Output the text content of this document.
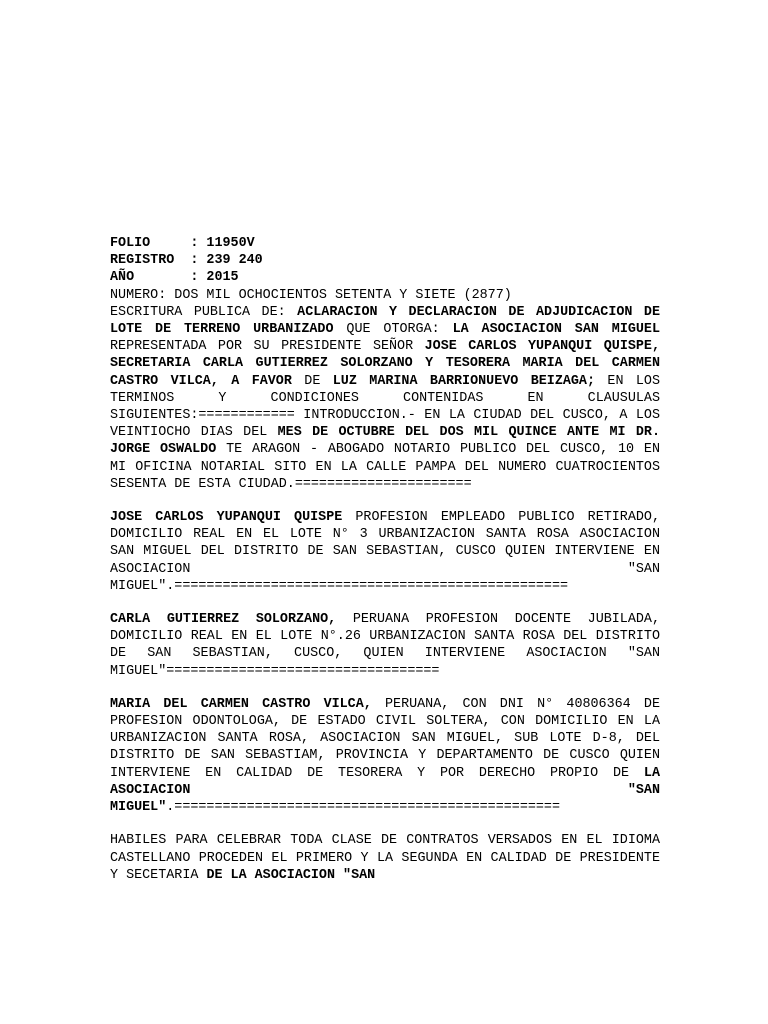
FOLIO     : 11950V
REGISTRO  : 239 240
AÑO       : 2015
NUMERO: DOS MIL OCHOCIENTOS SETENTA Y SIETE (2877)
ESCRITURA PUBLICA DE: ACLARACION Y DECLARACION DE ADJUDICACION DE LOTE DE TERRENO URBANIZADO QUE OTORGA: LA ASOCIACION SAN MIGUEL REPRESENTADA POR SU PRESIDENTE SEÑOR JOSE CARLOS YUPANQUI QUISPE, SECRETARIA CARLA GUTIERREZ SOLORZANO Y TESORERA MARIA DEL CARMEN CASTRO VILCA, A FAVOR DE LUZ MARINA BARRIONUEVO BEIZAGA; EN LOS TERMINOS Y CONDICIONES CONTENIDAS EN CLAUSULAS SIGUIENTES:============ INTRODUCCION.- EN LA CIUDAD DEL CUSCO, A LOS VEINTIOCHO DIAS DEL MES DE OCTUBRE DEL DOS MIL QUINCE ANTE MI DR. JORGE OSWALDO TE ARAGON - ABOGADO NOTARIO PUBLICO DEL CUSCO, 10 EN MI OFICINA NOTARIAL SITO EN LA CALLE PAMPA DEL NUMERO CUATROCIENTOS SESENTA DE ESTA CIUDAD.======================
JOSE CARLOS YUPANQUI QUISPE PROFESION EMPLEADO PUBLICO RETIRADO, DOMICILIO REAL EN EL LOTE N° 3 URBANIZACION SANTA ROSA ASOCIACION SAN MIGUEL DEL DISTRITO DE SAN SEBASTIAN, CUSCO QUIEN INTERVIENE EN ASOCIACION "SAN MIGUEL".=================================================
CARLA GUTIERREZ SOLORZANO, PERUANA PROFESION DOCENTE JUBILADA, DOMICILIO REAL EN EL LOTE N°.26 URBANIZACION SANTA ROSA DEL DISTRITO DE SAN SEBASTIAN, CUSCO, QUIEN INTERVIENE ASOCIACION "SAN MIGUEL"==================================
MARIA DEL CARMEN CASTRO VILCA, PERUANA, CON DNI N° 40806364 DE PROFESION ODONTOLOGA, DE ESTADO CIVIL SOLTERA, CON DOMICILIO EN LA URBANIZACION SANTA ROSA, ASOCIACION SAN MIGUEL, SUB LOTE D-8, DEL DISTRITO DE SAN SEBASTIAM, PROVINCIA Y DEPARTAMENTO DE CUSCO QUIEN INTERVIENE EN CALIDAD DE TESORERA Y POR DERECHO PROPIO DE LA ASOCIACION "SAN MIGUEL".================================================
HABILES PARA CELEBRAR TODA CLASE DE CONTRATOS VERSADOS EN EL IDIOMA CASTELLANO PROCEDEN EL PRIMERO Y LA SEGUNDA EN CALIDAD DE PRESIDENTE Y SECETARIA DE LA ASOCIACION "SAN
